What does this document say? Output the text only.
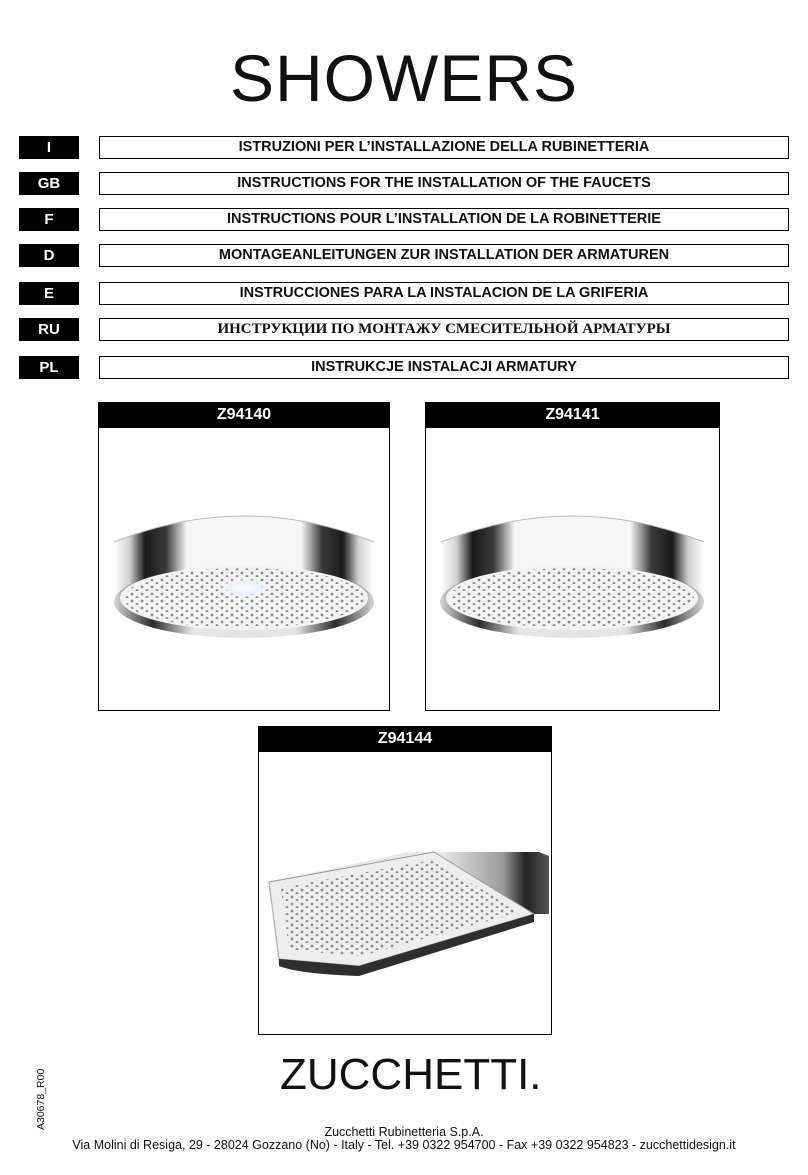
SHOWERS
I	ISTRUZIONI PER L’INSTALLAZIONE DELLA RUBINETTERIA
GB	INSTRUCTIONS FOR THE INSTALLATION OF THE FAUCETS
F	INSTRUCTIONS POUR L’INSTALLATION DE LA ROBINETTERIE
D	MONTAGEANLEITUNGEN ZUR INSTALLATION DER ARMATUREN
E	INSTRUCCIONES PARA LA INSTALACION DE LA GRIFERIA
RU	ИНСТРУКЦИИ ПО МОНТАЖУ СМЕСИТЕЛЬНОЙ АРМАТУРЫ
PL	INSTRUKCJE INSTALACJI ARMATURY
Z94140	Z94141
Z94144
ZUCCHETTI.
Zucchetti Rubinetteria S.p.A.
Via Molini di Resiga, 29 - 28024 Gozzano (No) - Italy - Tel. +39 0322 954700 - Fax +39 0322 954823 - zucchettidesign.it
A30678_R00
